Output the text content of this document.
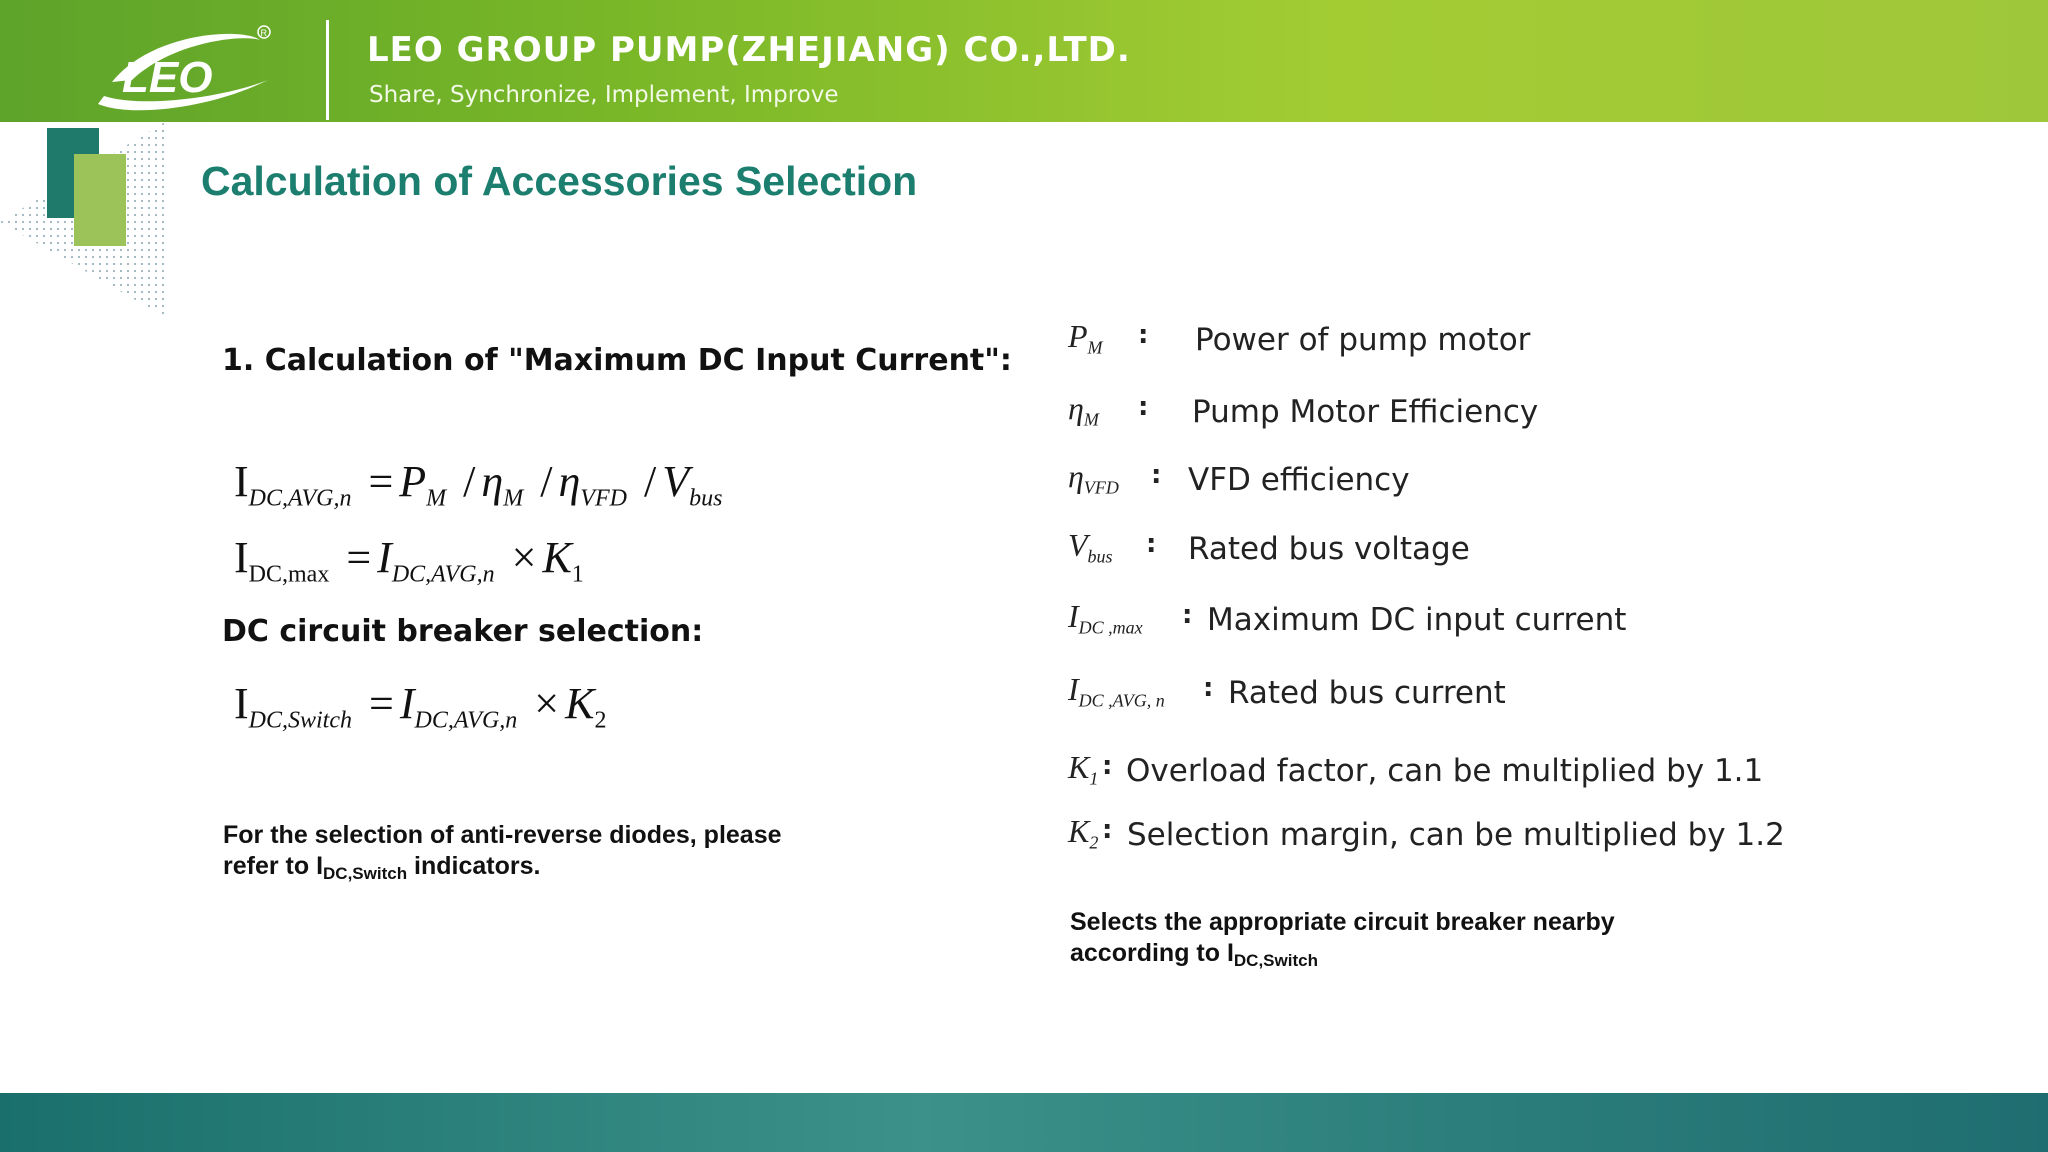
LEO
R	LEO GROUP PUMP(ZHEJIANG) CO.,LTD.
Share, Synchronize, Implement, Improve
Calculation of Accessories Selection
1. Calculation of "Maximum DC Input Current":
$I_{DC,AVG,n} = P_M / \eta_M / \eta_{VFD} / V_{bus}$
$I_{DC,max} = I_{DC,AVG,n} \times K_1$
DC circuit breaker selection:
$I_{DC,Switch} = I_{DC,AVG,n} \times K_2$
For the selection of anti-reverse diodes, please
refer to $I_{DC,Switch}$ indicators.
$P_M$ : Power of pump motor
$\eta_M$ : Pump Motor Efficiency
$\eta_{VFD}$ : VFD efficiency
$V_{bus}$ : Rated bus voltage
$I_{DC ,max}$ : Maximum DC input current
$I_{DC ,AVG, n}$ : Rated bus current
$K_1$ : Overload factor, can be multiplied by 1.1
$K_2$ : Selection margin, can be multiplied by 1.2
Selects the appropriate circuit breaker nearby
according to $I_{DC,Switch}$
